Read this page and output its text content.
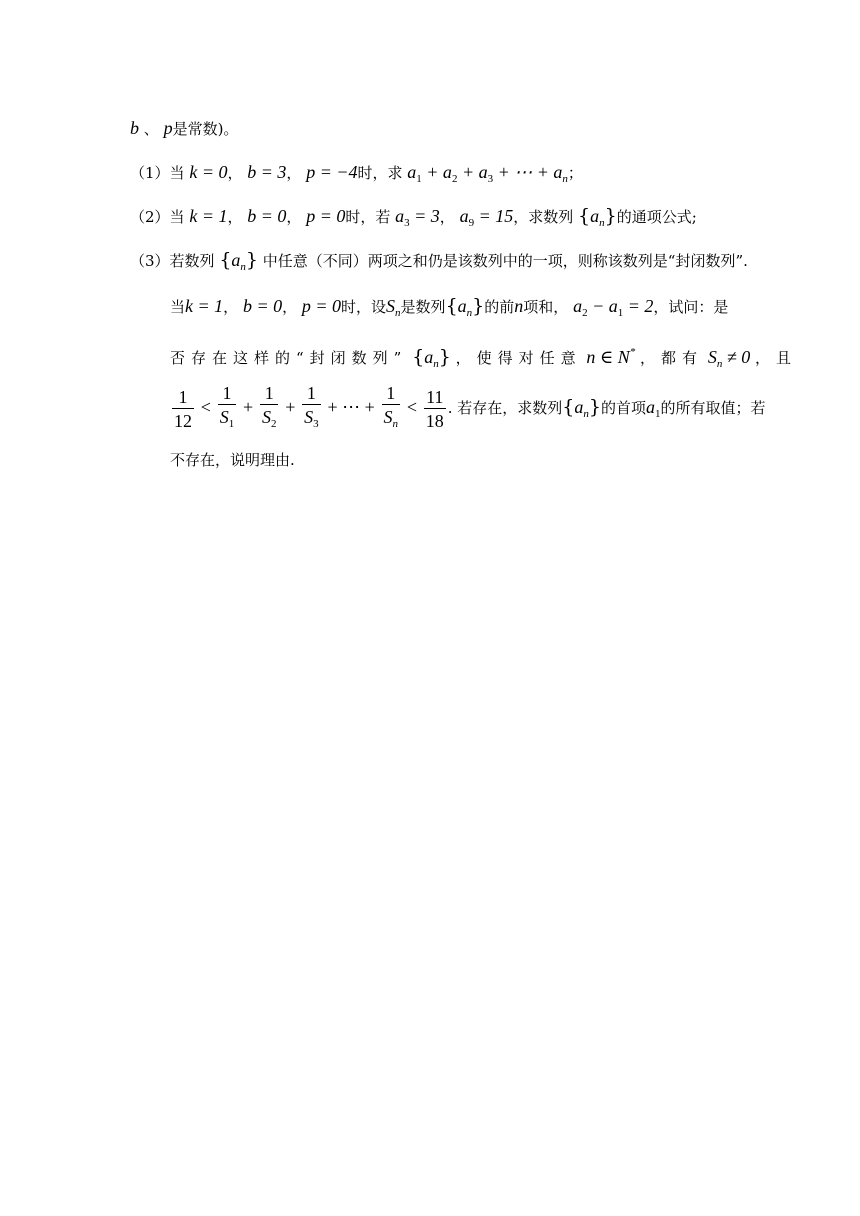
b 、 p是常数)。
（1）当 k = 0， b = 3， p = −4时，求 $a_1 + a_2 + a_3$ + ⋯ + $a_n$；
（2）当 k = 1， b = 0， p = 0时，若 $a_3 = 3$， $a_9 = 15$，求数列 $\{a_n\}$的通项公式;
（3）若数列 $\{a_n\}$ 中任意（不同）两项之和仍是该数列中的一项，则称该数列是“封闭数列”.
当k = 1， b = 0， p = 0时，设$S_n$是数列$\{a_n\}$的前n项和， $a_2 - a_1 = 2$，试问：是
否存在这样的“封闭数列” $\{a_n\}$ ，使得对任意 n ∈ N* ，都有 $S_n \ne 0$ ，且
$\frac{1}{12} < \frac{1}{S_1} + \frac{1}{S_2} + \frac{1}{S_3}$ + ⋯ + $\frac{1}{S_n} < \frac{11}{18}$ . 若存在，求数列$\{a_n\}$的首项$a_1$的所有取值；若
不存在，说明理由.
